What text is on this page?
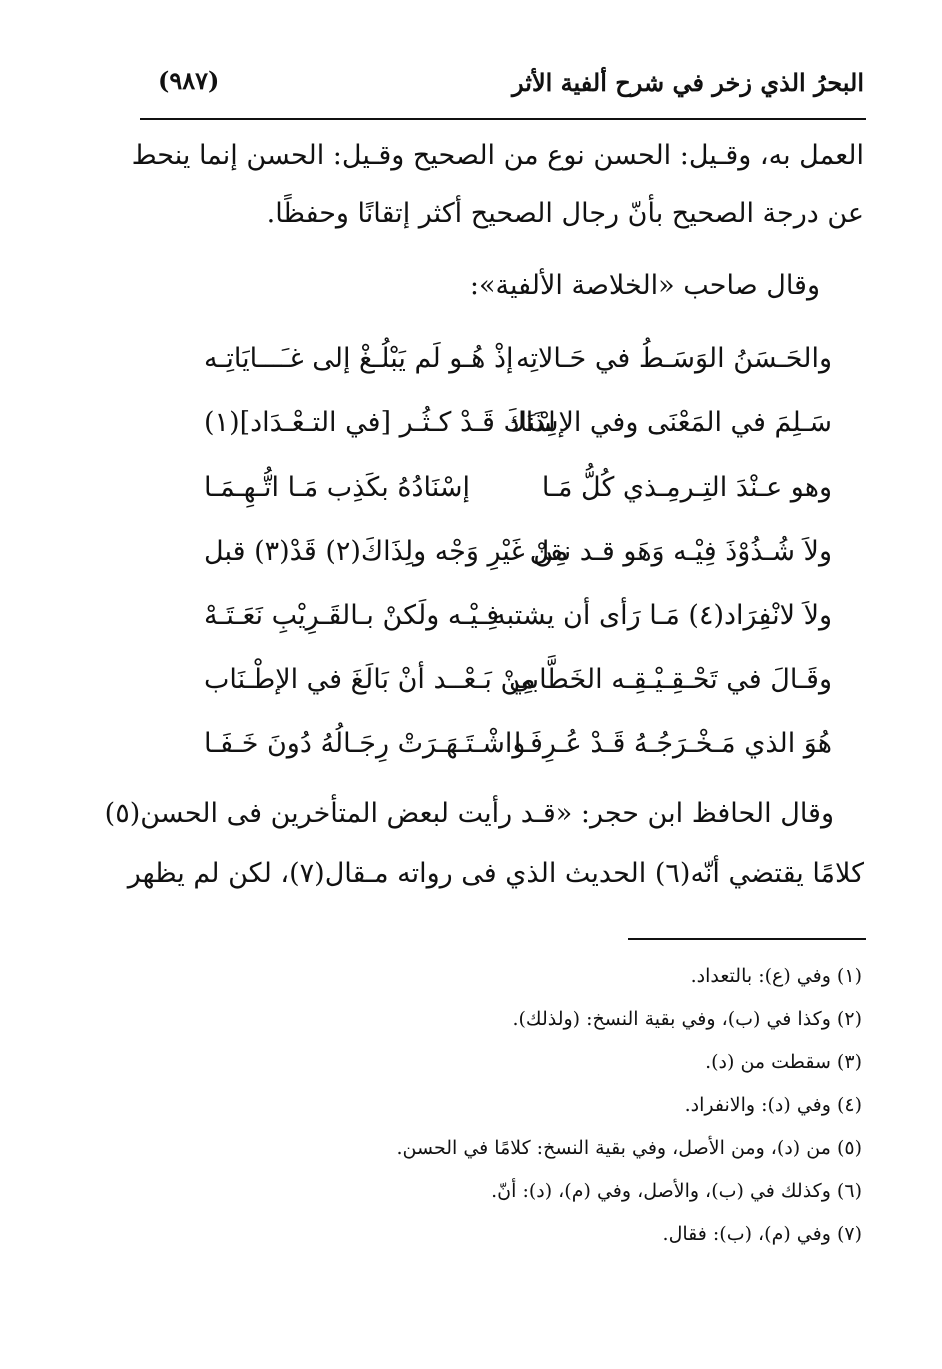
البحرُ الذي زخر في شرح ألفية الأثر
(٩٨٧)
العمل به، وقـيل: الحسن نوع من الصحيح وقـيل: الحسن إنما ينحط
عن درجة الصحيح بأنّ رجال الصحيح أكثر إتقانًا وحفظًا.
وقال صاحب «الخلاصة الألفية»:
والحَـسَنُ الوَسَـطُ في حَـالاتِه
إذْ هُـو لَم يَبْلُـغْ إلى غـَـــايَاتِـه
سَـلِمَ في المَعْنَى وفي الإسْنَاد
لِذَاكَ قَـدْ كـثُـر [في التـعْـدَاد](١)
وهو عـنْدَ التِـرمِـذي كُلُّ مَـا
إسْنَادُهُ بكَذِب مَـا اتُّـهِـمَـا
ولاَ شُـذُوْذَ فِيْـه وَهَو قـد نقل
مِنْ غَيْرِ وَجْه ولِذَاكَ(٢) قَدْ(٣) قبل
ولاَ لانْفِرَاد(٤) مَـا رَأى أن يشتبه
فِـيْـه ولَكنْ بـالقَـرِيْبِ نَعَـتَـهْ
وقَـالَ في تَحْـقِـيْـقِـه الخَطَّابي
مِنْ بَـعْــد أنْ بَالَغَ في الإطْـنَاب
هُوَ الذي مَـخْـرَجُـهُ قَـدْ عُـرِفَـا
واشْـتَـهَـرَتْ رِجَـالُهُ دُونَ خَـفَـا
وقال الحافظ ابن حجر: «قـد رأيت لبعض المتأخرين فى الحسن(٥)
كلامًا يقتضي أنّه(٦) الحديث الذي فى رواته مـقال(٧)، لكن لم يظهر
(١) وفي (ع): بالتعداد.
(٢) وكذا في (ب)، وفي بقية النسخ: (ولذلك).
(٣) سقطت من (د).
(٤) وفي (د): والانفراد.
(٥) من (د)، ومن الأصل، وفي بقية النسخ: كلامًا في الحسن.
(٦) وكذلك في (ب)، والأصل، وفي (م)، (د): أنّ.
(٧) وفي (م)، (ب): فقال.
